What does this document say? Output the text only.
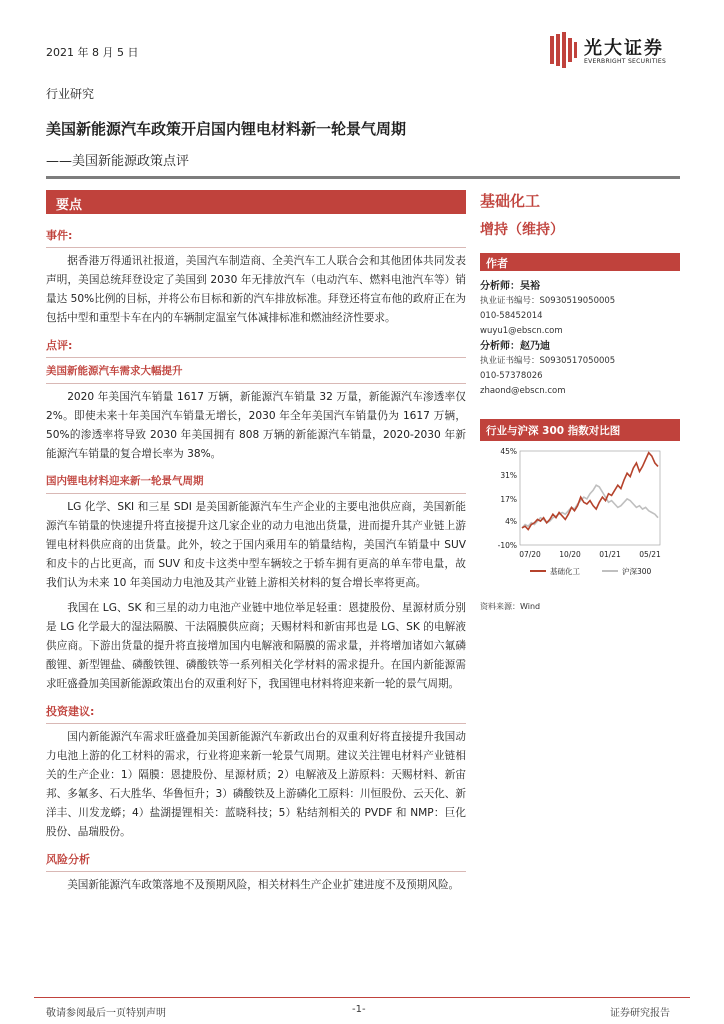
2021 年 8 月 5 日	光大证券
EVERBRIGHT SECURITIES
行业研究
美国新能源汽车政策开启国内锂电材料新一轮景气周期
——美国新能源政策点评
要点
事件:

据香港万得通讯社报道，美国汽车制造商、全美汽车工人联合会和其他团体共同发表声明，美国总统拜登设定了美国到 2030 年无排放汽车（电动汽车、燃料电池汽车等）销量达 50%比例的目标，并将公布目标和新的汽车排放标准。拜登还将宣布他的政府正在为包括中型和重型卡车在内的车辆制定温室气体减排标准和燃油经济性要求。

点评:
美国新能源汽车需求大幅提升

2020 年美国汽车销量 1617 万辆，新能源汽车销量 32 万量，新能源汽车渗透率仅 2%。即使未来十年美国汽车销量无增长，2030 年全年美国汽车销量仍为 1617 万辆，50%的渗透率将导致 2030 年美国拥有 808 万辆的新能源汽车销量，2020-2030 年新能源汽车销量的复合增长率为 38%。

国内锂电材料迎来新一轮景气周期

LG 化学、SKI 和三星 SDI 是美国新能源汽车生产企业的主要电池供应商，美国新能源汽车销量的快速提升将直接提升这几家企业的动力电池出货量，进而提升其产业链上游锂电材料供应商的出货量。此外，较之于国内乘用车的销量结构，美国汽车销量中 SUV 和皮卡的占比更高，而 SUV 和皮卡这类中型车辆较之于轿车拥有更高的单车带电量，故我们认为未来 10 年美国动力电池及其产业链上游相关材料的复合增长率将更高。

我国在 LG、SK 和三星的动力电池产业链中地位举足轻重：恩捷股份、星源材质分别是 LG 化学最大的湿法隔膜、干法隔膜供应商；天赐材料和新宙邦也是 LG、SK 的电解液供应商。下游出货量的提升将直接增加国内电解液和隔膜的需求量，并将增加诸如六氟磷酸锂、新型锂盐、磷酸铁锂、磷酸铁等一系列相关化学材料的需求提升。在国内新能源需求旺盛叠加美国新能源政策出台的双重利好下，我国锂电材料将迎来新一轮的景气周期。

投资建议:

国内新能源汽车需求旺盛叠加美国新能源汽车新政出台的双重利好将直接提升我国动力电池上游的化工材料的需求，行业将迎来新一轮景气周期。建议关注锂电材料产业链相关的生产企业：1）隔膜：恩捷股份、星源材质；2）电解液及上游原料：天赐材料、新宙邦、多氟多、石大胜华、华鲁恒升；3）磷酸铁及上游磷化工原料：川恒股份、云天化、新洋丰、川发龙蟒；4）盐湖提锂相关：蓝晓科技；5）粘结剂相关的 PVDF 和 NMP：巨化股份、晶瑞股份。

风险分析

美国新能源汽车政策落地不及预期风险，相关材料生产企业扩建进度不及预期风险。

基础化工
增持（维持）
作者
分析师：吴裕
执业证书编号：S0930519050005
010-58452014
wuyu1@ebscn.com
分析师：赵乃迪
执业证书编号：S0930517050005
010-57378026
zhaond@ebscn.com
行业与沪深 300 指数对比图
45%
31%
17%
4%
-10%
07/20 10/20 01/21 05/21
基础化工	沪深300
资料来源：Wind
敬请参阅最后一页特别声明	-1-	证券研究报告
